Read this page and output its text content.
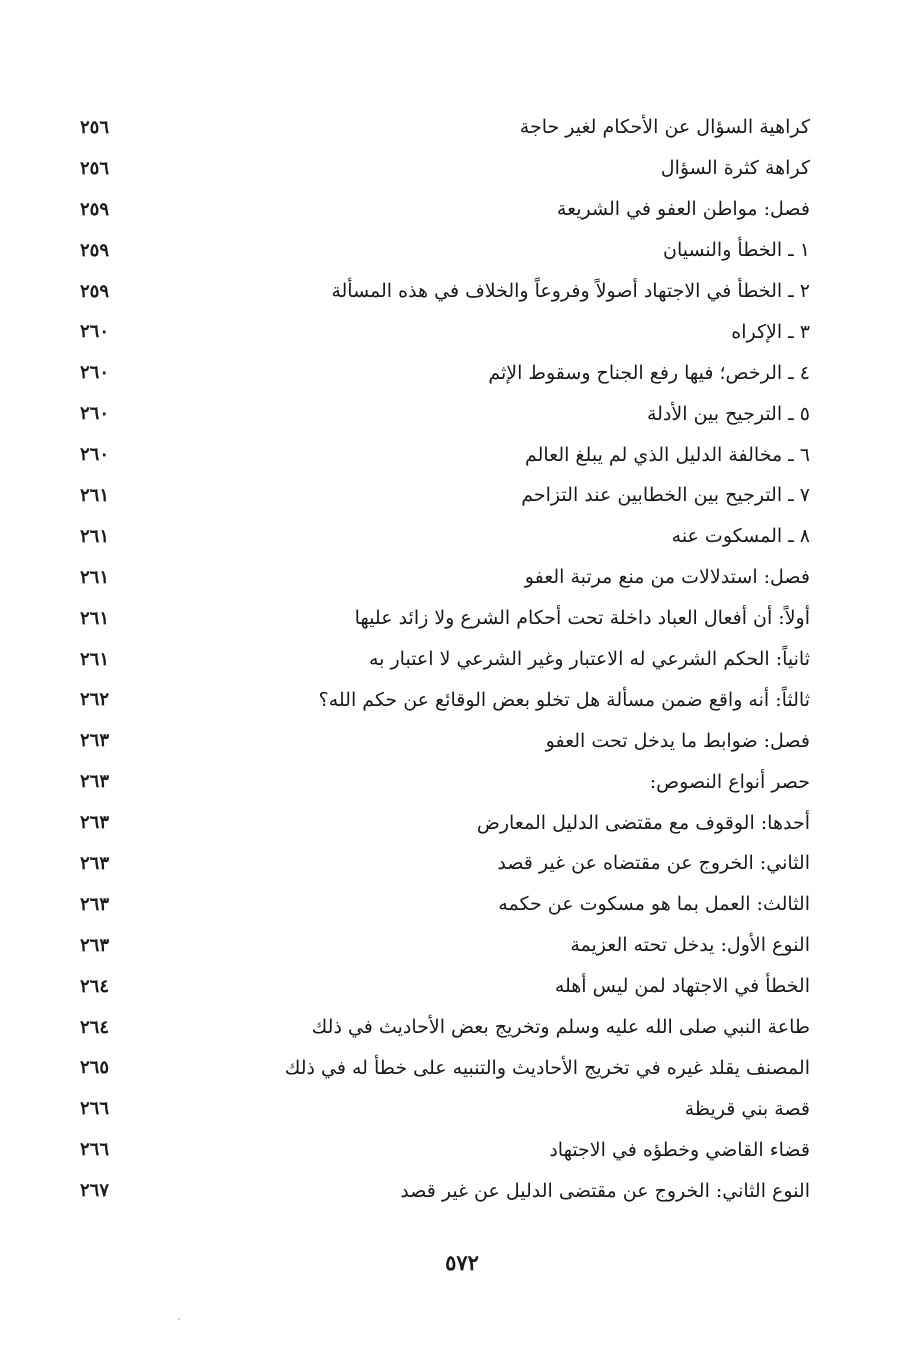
كراهية السؤال عن الأحكام لغير حاجة
٢٥٦
كراهة كثرة السؤال
٢٥٦
فصل: مواطن العفو في الشريعة
٢٥٩
١ ـ الخطأ والنسيان
٢٥٩
٢ ـ الخطأ في الاجتهاد أصولاً وفروعاً والخلاف في هذه المسألة
٢٥٩
٣ ـ الإكراه
٢٦٠
٤ ـ الرخص؛ فيها رفع الجناح وسقوط الإثم
٢٦٠
٥ ـ الترجيح بين الأدلة
٢٦٠
٦ ـ مخالفة الدليل الذي لم يبلغ العالم
٢٦٠
٧ ـ الترجيح بين الخطابين عند التزاحم
٢٦١
٨ ـ المسكوت عنه
٢٦١
فصل: استدلالات من منع مرتبة العفو
٢٦١
أولاً: أن أفعال العباد داخلة تحت أحكام الشرع ولا زائد عليها
٢٦١
ثانياً: الحكم الشرعي له الاعتبار وغير الشرعي لا اعتبار به
٢٦١
ثالثاً: أنه واقع ضمن مسألة هل تخلو بعض الوقائع عن حكم الله؟
٢٦٢
فصل: ضوابط ما يدخل تحت العفو
٢٦٣
حصر أنواع النصوص:
٢٦٣
أحدها: الوقوف مع مقتضى الدليل المعارض
٢٦٣
الثاني: الخروج عن مقتضاه عن غير قصد
٢٦٣
الثالث: العمل بما هو مسكوت عن حكمه
٢٦٣
النوع الأول: يدخل تحته العزيمة
٢٦٣
الخطأ في الاجتهاد لمن ليس أهله
٢٦٤
طاعة النبي صلى الله عليه وسلم وتخريج بعض الأحاديث في ذلك
٢٦٤
المصنف يقلد غيره في تخريج الأحاديث والتنبيه على خطأ له في ذلك
٢٦٥
قصة بني قريظة
٢٦٦
قضاء القاضي وخطؤه في الاجتهاد
٢٦٦
النوع الثاني: الخروج عن مقتضى الدليل عن غير قصد
٢٦٧
٥٧٢
